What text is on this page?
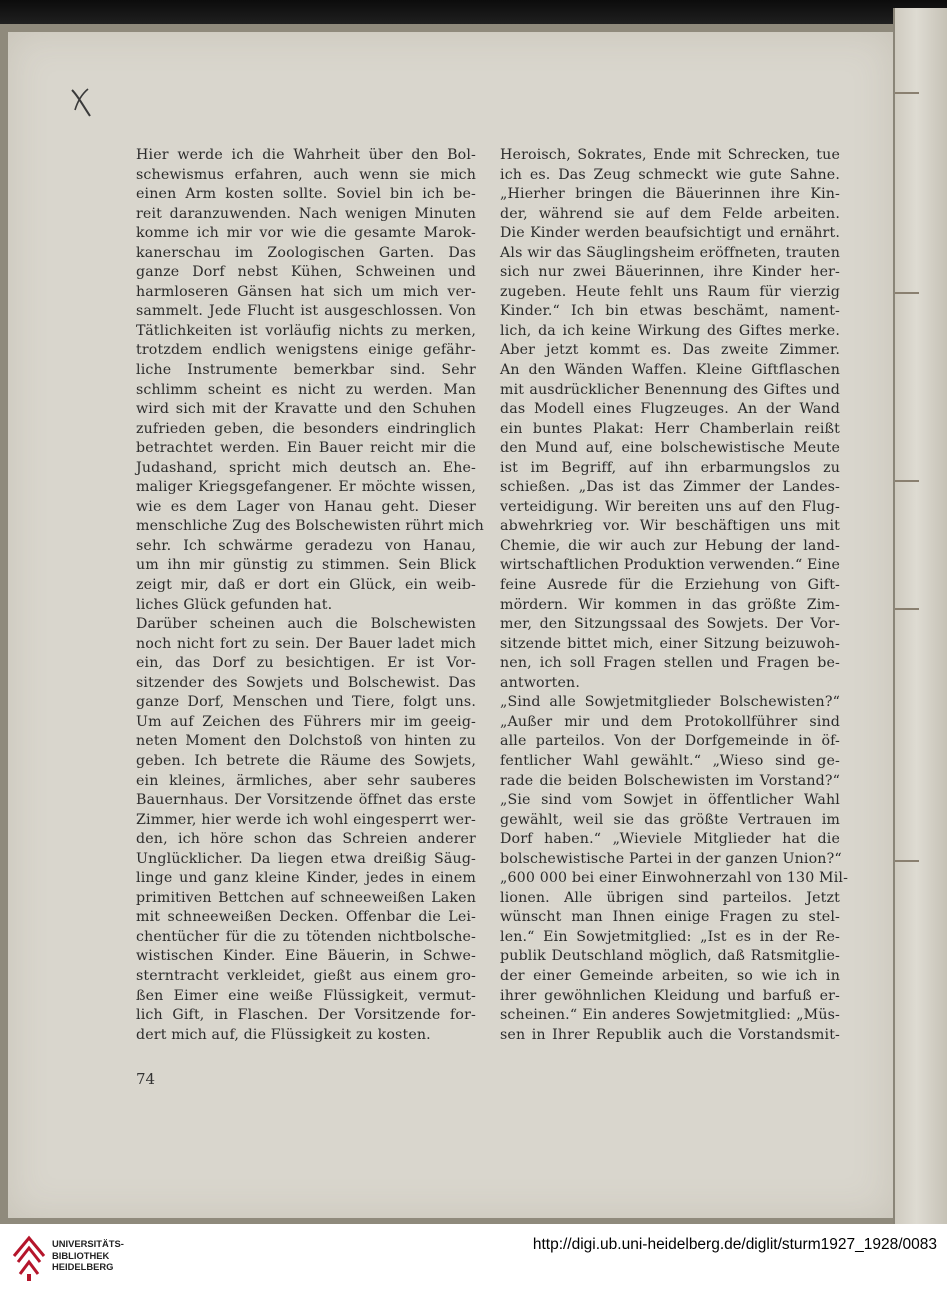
Hier werde ich die Wahrheit über den Bol-
schewismus erfahren, auch wenn sie mich
einen Arm kosten sollte. Soviel bin ich be-
reit daranzuwenden. Nach wenigen Minuten
komme ich mir vor wie die gesamte Marok-
kanerschau im Zoologischen Garten. Das
ganze Dorf nebst Kühen, Schweinen und
harmloseren Gänsen hat sich um mich ver-
sammelt. Jede Flucht ist ausgeschlossen. Von
Tätlichkeiten ist vorläufig nichts zu merken,
trotzdem endlich wenigstens einige gefähr-
liche Instrumente bemerkbar sind. Sehr
schlimm scheint es nicht zu werden. Man
wird sich mit der Kravatte und den Schuhen
zufrieden geben, die besonders eindringlich
betrachtet werden. Ein Bauer reicht mir die
Judashand, spricht mich deutsch an. Ehe-
maliger Kriegsgefangener. Er möchte wissen,
wie es dem Lager von Hanau geht. Dieser
menschliche Zug des Bolschewisten rührt mich
sehr. Ich schwärme geradezu von Hanau,
um ihn mir günstig zu stimmen. Sein Blick
zeigt mir, daß er dort ein Glück, ein weib-
liches Glück gefunden hat.
Darüber scheinen auch die Bolschewisten
noch nicht fort zu sein. Der Bauer ladet mich
ein, das Dorf zu besichtigen. Er ist Vor-
sitzender des Sowjets und Bolschewist. Das
ganze Dorf, Menschen und Tiere, folgt uns.
Um auf Zeichen des Führers mir im geeig-
neten Moment den Dolchstoß von hinten zu
geben. Ich betrete die Räume des Sowjets,
ein kleines, ärmliches, aber sehr sauberes
Bauernhaus. Der Vorsitzende öffnet das erste
Zimmer, hier werde ich wohl eingesperrt wer-
den, ich höre schon das Schreien anderer
Unglücklicher. Da liegen etwa dreißig Säug-
linge und ganz kleine Kinder, jedes in einem
primitiven Bettchen auf schneeweißen Laken
mit schneeweißen Decken. Offenbar die Lei-
chentücher für die zu tötenden nichtbolsche-
wistischen Kinder. Eine Bäuerin, in Schwe-
sterntracht verkleidet, gießt aus einem gro-
ßen Eimer eine weiße Flüssigkeit, vermut-
lich Gift, in Flaschen. Der Vorsitzende for-
dert mich auf, die Flüssigkeit zu kosten.
Heroisch, Sokrates, Ende mit Schrecken, tue
ich es. Das Zeug schmeckt wie gute Sahne.
„Hierher bringen die Bäuerinnen ihre Kin-
der, während sie auf dem Felde arbeiten.
Die Kinder werden beaufsichtigt und ernährt.
Als wir das Säuglingsheim eröffneten, trauten
sich nur zwei Bäuerinnen, ihre Kinder her-
zugeben. Heute fehlt uns Raum für vierzig
Kinder.“ Ich bin etwas beschämt, nament-
lich, da ich keine Wirkung des Giftes merke.
Aber jetzt kommt es. Das zweite Zimmer.
An den Wänden Waffen. Kleine Giftflaschen
mit ausdrücklicher Benennung des Giftes und
das Modell eines Flugzeuges. An der Wand
ein buntes Plakat: Herr Chamberlain reißt
den Mund auf, eine bolschewistische Meute
ist im Begriff, auf ihn erbarmungslos zu
schießen. „Das ist das Zimmer der Landes-
verteidigung. Wir bereiten uns auf den Flug-
abwehrkrieg vor. Wir beschäftigen uns mit
Chemie, die wir auch zur Hebung der land-
wirtschaftlichen Produktion verwenden.“ Eine
feine Ausrede für die Erziehung von Gift-
mördern. Wir kommen in das größte Zim-
mer, den Sitzungssaal des Sowjets. Der Vor-
sitzende bittet mich, einer Sitzung beizuwoh-
nen, ich soll Fragen stellen und Fragen be-
antworten.
„Sind alle Sowjetmitglieder Bolschewisten?“
„Außer mir und dem Protokollführer sind
alle parteilos. Von der Dorfgemeinde in öf-
fentlicher Wahl gewählt.“ „Wieso sind ge-
rade die beiden Bolschewisten im Vorstand?“
„Sie sind vom Sowjet in öffentlicher Wahl
gewählt, weil sie das größte Vertrauen im
Dorf haben.“ „Wieviele Mitglieder hat die
bolschewistische Partei in der ganzen Union?“
„600 000 bei einer Einwohnerzahl von 130 Mil-
lionen. Alle übrigen sind parteilos. Jetzt
wünscht man Ihnen einige Fragen zu stel-
len.“ Ein Sowjetmitglied: „Ist es in der Re-
publik Deutschland möglich, daß Ratsmitglie-
der einer Gemeinde arbeiten, so wie ich in
ihrer gewöhnlichen Kleidung und barfuß er-
scheinen.“ Ein anderes Sowjetmitglied: „Müs-
sen in Ihrer Republik auch die Vorstandsmit-
74
UNIVERSITÄTS-
BIBLIOTHEK
HEIDELBERG
http://digi.ub.uni-heidelberg.de/diglit/sturm1927_1928/0083
